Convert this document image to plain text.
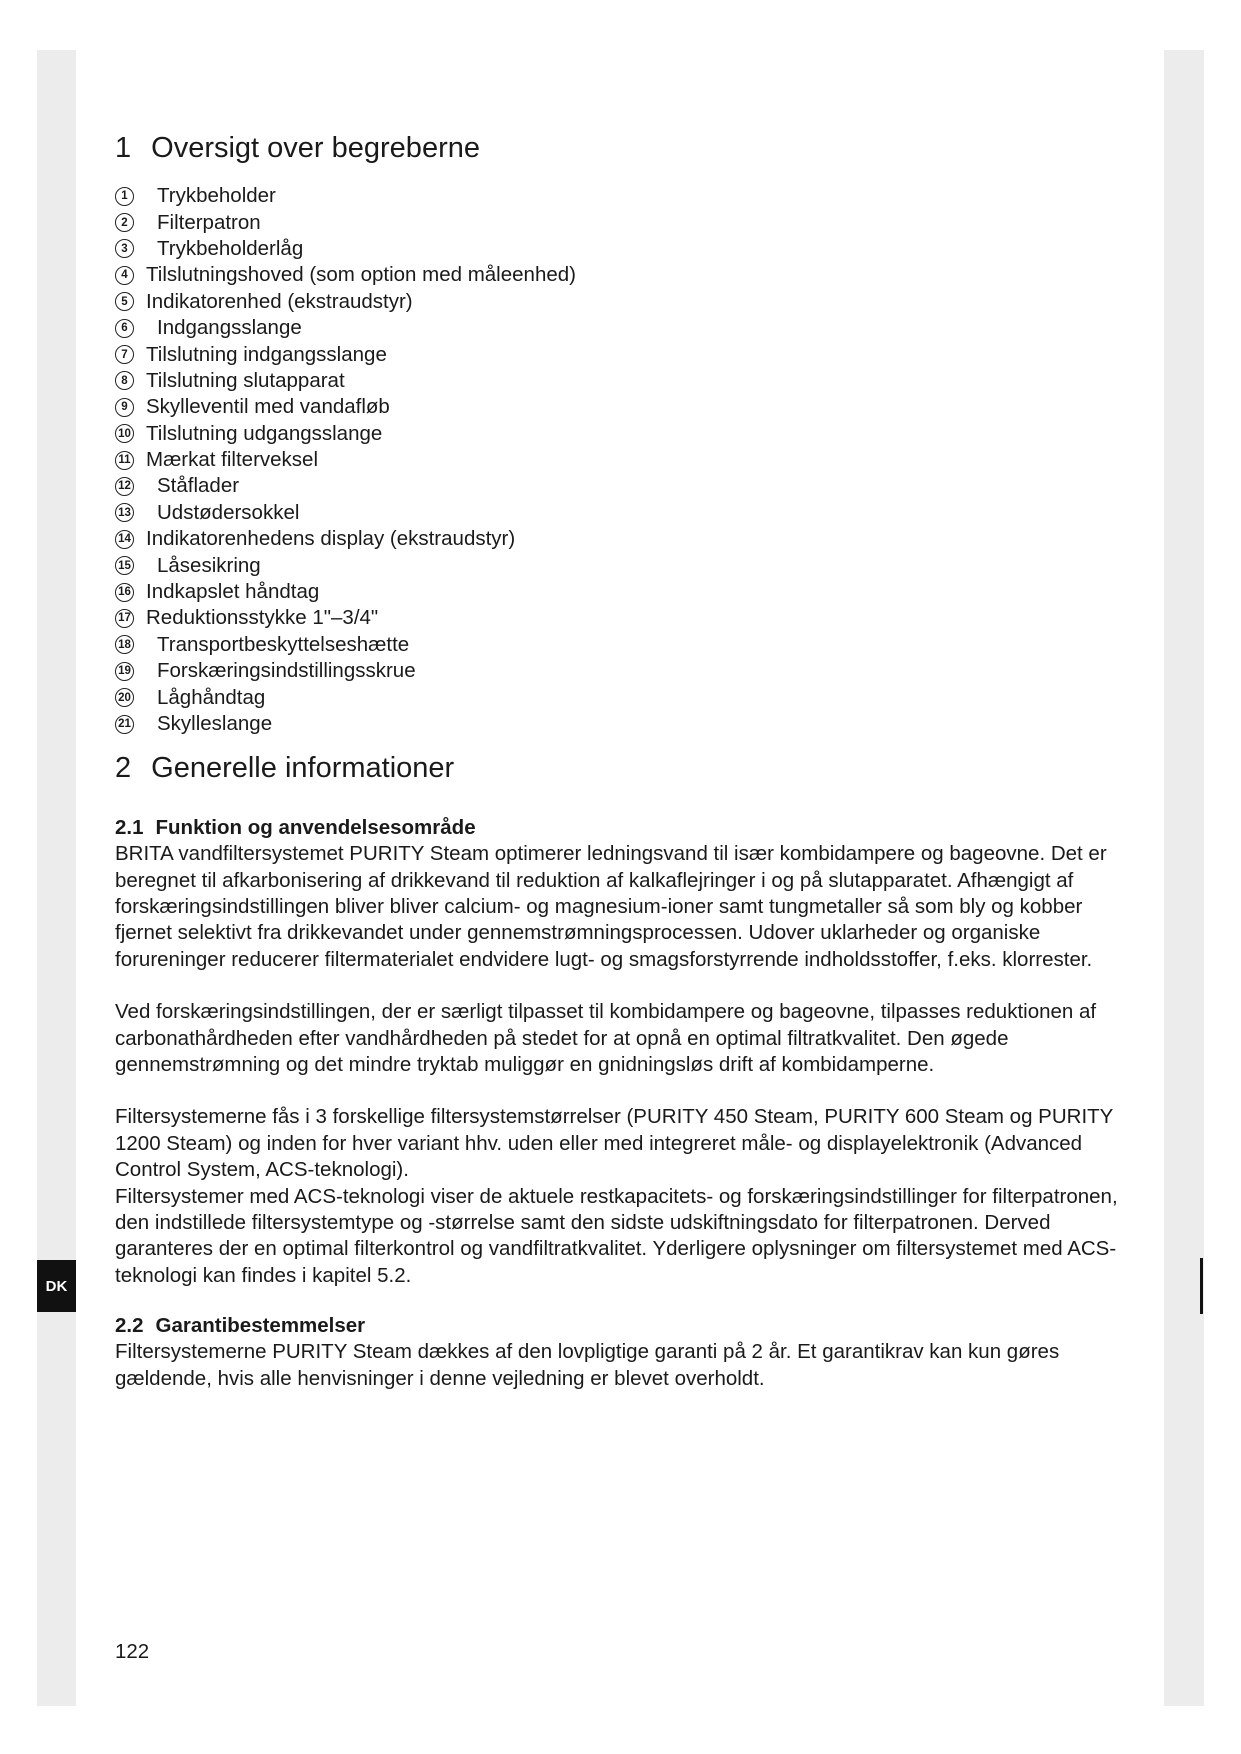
DK
1 Oversigt over begreberne
1	Trykbeholder
2	Filterpatron
3	Trykbeholderlåg
4 Tilslutningshoved (som option med måleenhed)
5 Indikatorenhed (ekstraudstyr)
6	Indgangsslange
7 Tilslutning indgangsslange
8 Tilslutning slutapparat
9 Skylleventil med vandafløb
10 Tilslutning udgangsslange
11 Mærkat filterveksel
12 Ståflader
13 Udstødersokkel
14 Indikatorenhedens display (ekstraudstyr)
15 Låsesikring
16 Indkapslet håndtag
17 Reduktionsstykke 1"–3/4"
18 Transportbeskyttelseshætte
19 Forskæringsindstillingsskrue
20 Låghåndtag
21 Skylleslange
2 Generelle informationer
2.1 Funktion og anvendelsesområde

BRITA vandfiltersystemet PURITY Steam optimerer ledningsvand til især kombidampere og bageovne. Det er beregnet til afkarbonisering af drikkevand til reduktion af kalkaflejringer i og på slutapparatet. Afhængigt af forskæringsindstillingen bliver bliver calcium- og magnesium-ioner samt tungmetaller så som bly og kobber fjernet selektivt fra drikkevandet under gennemstrømningsprocessen. Udover uklarheder og organiske forureninger reducerer filtermaterialet endvidere lugt- og smagsforstyrrende indholdsstoffer, f.eks. klorrester.

Ved forskæringsindstillingen, der er særligt tilpasset til kombidampere og bageovne, tilpasses reduktionen af carbonathårdheden efter vandhårdheden på stedet for at opnå en optimal filtratkvalitet. Den øgede gennemstrømning og det mindre tryktab muliggør en gnidningsløs drift af kombidamperne.

Filtersystemerne fås i 3 forskellige filtersystemstørrelser (PURITY 450 Steam, PURITY 600 Steam og PURITY 1200 Steam) og inden for hver variant hhv. uden eller med integreret måle- og displayelektronik (Advanced Control System, ACS-teknologi).

Filtersystemer med ACS-teknologi viser de aktuele restkapacitets- og forskæringsindstillinger for filterpatronen, den indstillede filtersystemtype og -størrelse samt den sidste udskiftningsdato for filterpatronen. Derved garanteres der en optimal filterkontrol og vandfiltratkvalitet. Yderligere oplysninger om filtersystemet med ACS-teknologi kan findes i kapitel 5.2.

2.2 Garantibestemmelser

Filtersystemerne PURITY Steam dækkes af den lovpligtige garanti på 2 år. Et garantikrav kan kun gøres gældende, hvis alle henvisninger i denne vejledning er blevet overholdt.

122
